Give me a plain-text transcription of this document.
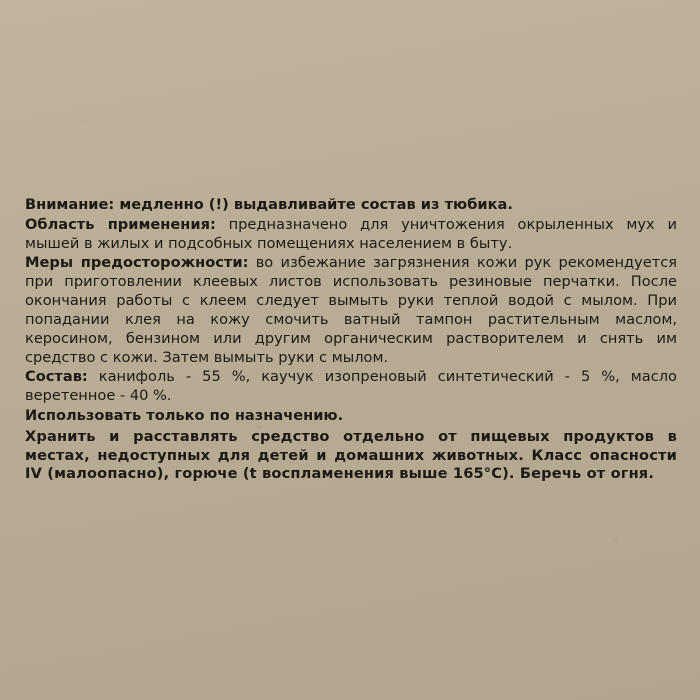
Внимание: медленно (!) выдавливайте состав из тюбика.

Область применения: предназначено для уничтожения окрыленных мух и мышей в жилых и подсобных помещениях населением в быту.

Меры предосторожности: во избежание загрязнения кожи рук рекомендуется при приготовлении клеевых листов использовать резиновые перчатки. После окончания работы с клеем следует вымыть руки теплой водой с мылом. При попадании клея на кожу смочить ватный тампон растительным маслом, керосином, бензином или другим органическим растворителем и снять им средство с кожи. Затем вымыть руки с мылом.

Состав: канифоль - 55 %, каучук изопреновый синтетический - 5 %, масло веретенное - 40 %.

Использовать только по назначению.

Хранить и расставлять средство отдельно от пищевых продуктов в местах, недоступных для детей и домашних животных. Класс опасности IV (малоопасно), горюче (t воспламенения выше 165°C). Беречь от огня.
